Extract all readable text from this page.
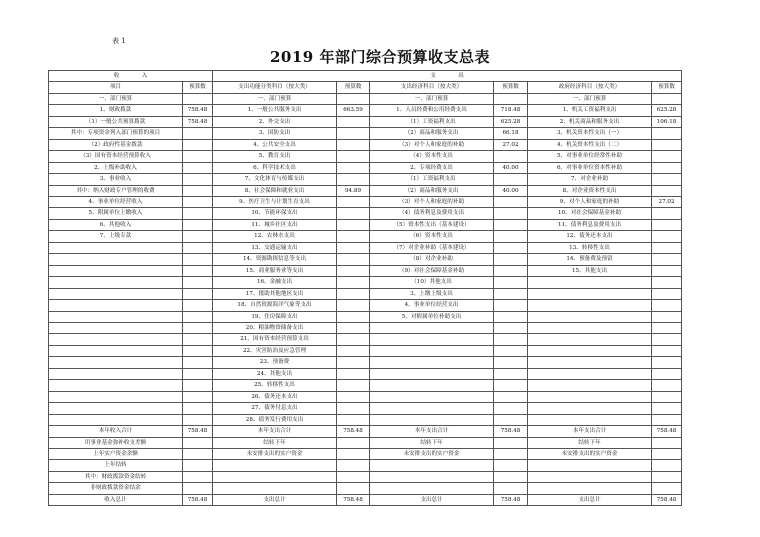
表 1
2019 年部门综合预算收支总表
收　　　　入		支　　　　出					
项目	预算数	支出功能分类科目（按大类）	预算数	支出经济科目（按大类）	预算数	政府经济科目（按大类）	预算数
一、部门预算		一、部门预算		一、部门预算		一、部门预算	
1、财政拨款	758.48	1、一般公共服务支出	663.59	1、人员经费和公用经费支出	718.48	1、机关工资福利支出	625.28
（1）一般公共预算拨款	758.48	2、外交支出		（1）工资福利支出	625.28	2、机关商品和服务支出	106.18
其中：专项资金列入部门预算的项目		3、国防支出		（2）商品和服务支出	66.18	3、机关资本性支出（一）	
（2）政府性基金拨款		4、公共安全支出		（3）对个人和家庭的补助	27.02	4、机关资本性支出（二）	
（3）国有资本经营预算收入		5、教育支出		（4）资本性支出		5、对事业单位经常性补助	
2、上级补助收入		6、科学技术支出		2、专项经费支出	40.00	6、对事业单位资本性补助	
3、事业收入		7、文化体育与传媒支出		（1）工资福利支出		7、对企业补助	
其中：纳入财政专户管理的收费		8、社会保障和就业支出	94.89	（2）商品和服务支出	40.00	8、对企业资本性支出	
4、事业单位经营收入		9、医疗卫生与计划生育支出		（3）对个人和家庭的补助		9、对个人和家庭的补助	27.02
5、附属单位上缴收入		10、节能环保支出		（4）债务利息及费用支出		10、对社会保障基金补助	
6、其他收入		11、城乡社区支出		（5）资本性支出（基本建设）		11、债务利息及费用支出	
7、上级专款		12、农林水支出		（6）资本性支出		12、债务还本支出	
		13、交通运输支出		（7）对企业补助（基本建设）		13、转移性支出	
		14、资源勘探信息等支出		（8）对企业补助		14、预备费及预留	
		15、商业服务业等支出		（9）对社会保障基金补助		15、其他支出	
		16、金融支出		（10）其他支出			
		17、援助其他地区支出		3、上缴上级支出			
		18、自然资源海洋气象等支出		4、事业单位经营支出			
		19、住房保障支出		5、对附属单位补助支出			
		20、粮油物资储备支出					
		21、国有资本经营预算支出					
		22、灾害防治及应急管理					
		23、预备费					
		24、其他支出					
		25、转移性支出					
		26、债务还本支出					
		27、债务付息支出					
		28、债务发行费用支出					
本年收入合计	758.48	本年支出合计	758.48	本年支出合计	758.48	本年支出合计	758.48
用事业基金弥补收支差额		结转下年		结转下年		结转下年	
上年实户资金余额		未安排支出的实户资金		未安排支出的实户资金		未安排支出的实户资金	
上年结转							
其中：财政拨款资金结转							
非财政拨款资金结余							
收入总计	758.48	支出总计	758.48	支出总计	758.48	支出总计	758.48
